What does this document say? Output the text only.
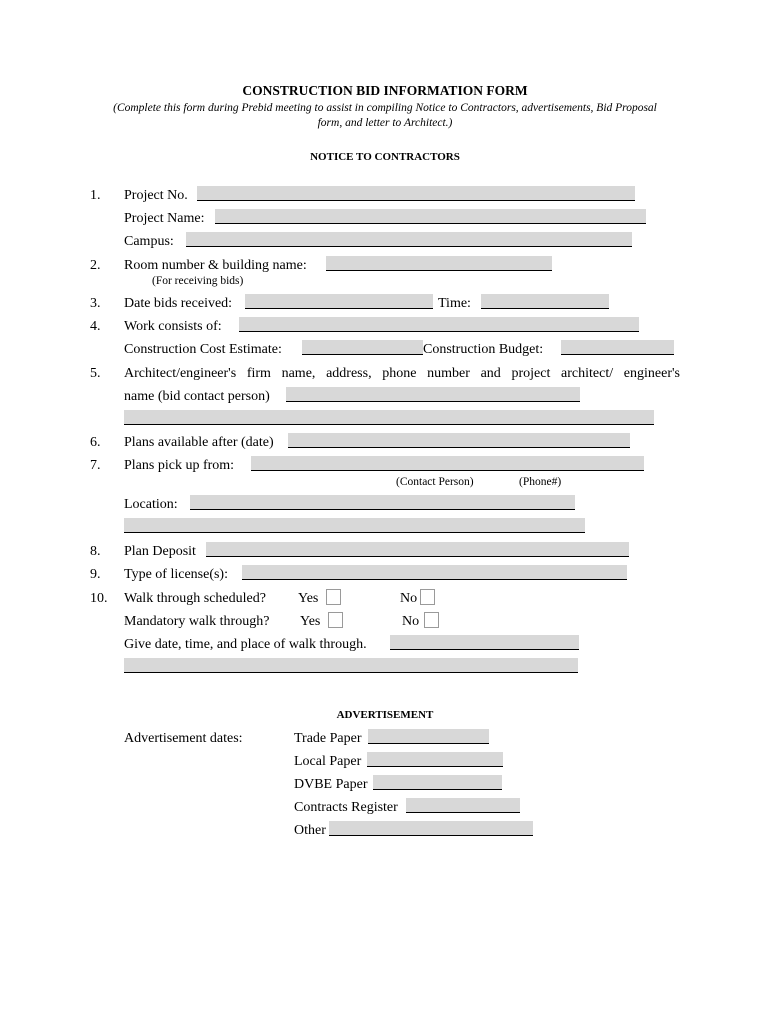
CONSTRUCTION BID INFORMATION FORM
(Complete this form during Prebid meeting to assist in compiling Notice to Contractors, advertisements, Bid Proposal form, and letter to Architect.)
NOTICE TO CONTRACTORS
1. Project No.
Project Name:
Campus:
2. Room number & building name:
(For receiving bids)
3. Date bids received:	Time:
4. Work consists of:
Construction Cost Estimate:	Construction Budget:
5. Architect/engineer's firm name, address, phone number and project architect/ engineer's
name (bid contact person)
6. Plans available after (date)
7. Plans pick up from:
(Contact Person)	(Phone#)
Location:
8. Plan Deposit
9. Type of license(s):
10. Walk through scheduled? Yes	No
Mandatory walk through? Yes	No
Give date, time, and place of walk through.
ADVERTISEMENT
Advertisement dates:	Trade Paper
Local Paper
DVBE Paper
Contracts Register
Other
